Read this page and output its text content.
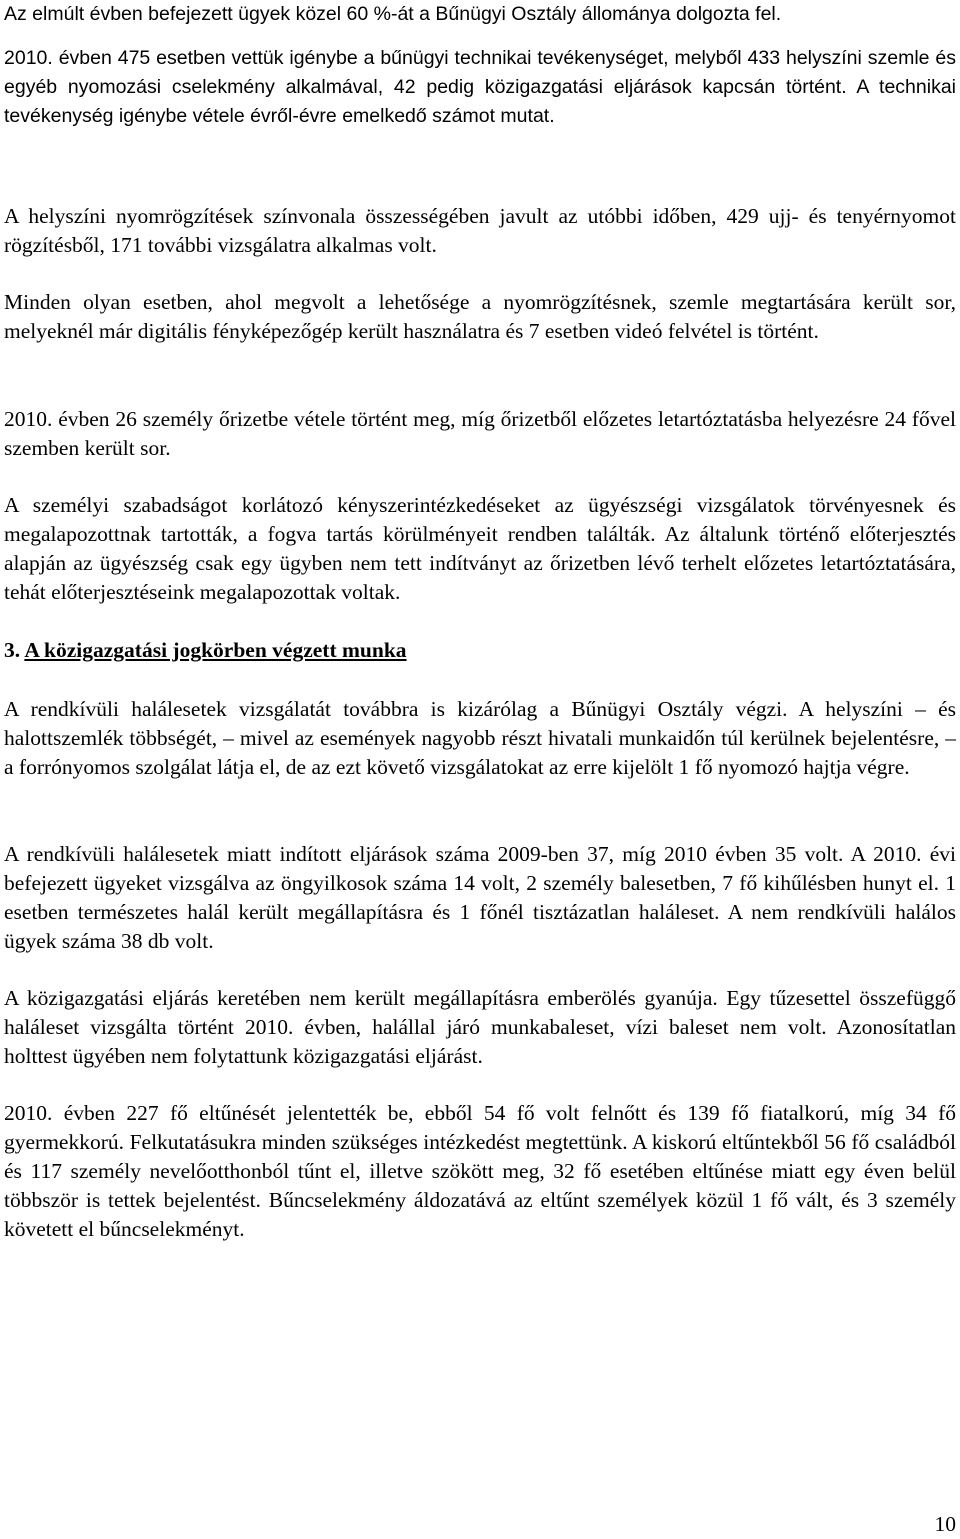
Az elmúlt évben befejezett ügyek közel 60 %-át a Bűnügyi Osztály állománya dolgozta fel.

2010. évben 475 esetben vettük igénybe a bűnügyi technikai tevékenységet, melyből 433 helyszíni szemle és egyéb nyomozási cselekmény alkalmával, 42 pedig közigazgatási eljárások kapcsán történt. A technikai tevékenység igénybe vétele évről-évre emelkedő számot mutat.

A helyszíni nyomrögzítések színvonala összességében javult az utóbbi időben, 429 ujj- és tenyérnyomot rögzítésből, 171 további vizsgálatra alkalmas volt.

Minden olyan esetben, ahol megvolt a lehetősége a nyomrögzítésnek, szemle megtartására került sor, melyeknél már digitális fényképezőgép került használatra és 7 esetben videó felvétel is történt.

2010. évben 26 személy őrizetbe vétele történt meg, míg őrizetből előzetes letartóztatásba helyezésre 24 fővel szemben került sor.

A személyi szabadságot korlátozó kényszerintézkedéseket az ügyészségi vizsgálatok törvényesnek és megalapozottnak tartották, a fogva tartás körülményeit rendben találták. Az általunk történő előterjesztés alapján az ügyészség csak egy ügyben nem tett indítványt az őrizetben lévő terhelt előzetes letartóztatására, tehát előterjesztéseink megalapozottak voltak.

3. A közigazgatási jogkörben végzett munka

A rendkívüli halálesetek vizsgálatát továbbra is kizárólag a Bűnügyi Osztály végzi. A helyszíni – és halottszemlék többségét, – mivel az események nagyobb részt hivatali munkaidőn túl kerülnek bejelentésre, – a forrónyomos szolgálat látja el, de az ezt követő vizsgálatokat az erre kijelölt 1 fő nyomozó hajtja végre.

A rendkívüli halálesetek miatt indított eljárások száma 2009-ben 37, míg 2010 évben 35 volt. A 2010. évi befejezett ügyeket vizsgálva az öngyilkosok száma 14 volt, 2 személy balesetben, 7 fő kihűlésben hunyt el. 1 esetben természetes halál került megállapításra és 1 főnél tisztázatlan haláleset. A nem rendkívüli halálos ügyek száma 38 db volt.

A közigazgatási eljárás keretében nem került megállapításra emberölés gyanúja. Egy tűzesettel összefüggő haláleset vizsgálta történt 2010. évben, halállal járó munkabaleset, vízi baleset nem volt. Azonosítatlan holttest ügyében nem folytattunk közigazgatási eljárást.

2010. évben 227 fő eltűnését jelentették be, ebből 54 fő volt felnőtt és 139 fő fiatalkorú, míg 34 fő gyermekkorú. Felkutatásukra minden szükséges intézkedést megtettünk. A kiskorú eltűntekből 56 fő családból és 117 személy nevelőotthonból tűnt el, illetve szökött meg, 32 fő esetében eltűnése miatt egy éven belül többször is tettek bejelentést. Bűncselekmény áldozatává az eltűnt személyek közül 1 fő vált, és 3 személy követett el bűncselekményt.

10
